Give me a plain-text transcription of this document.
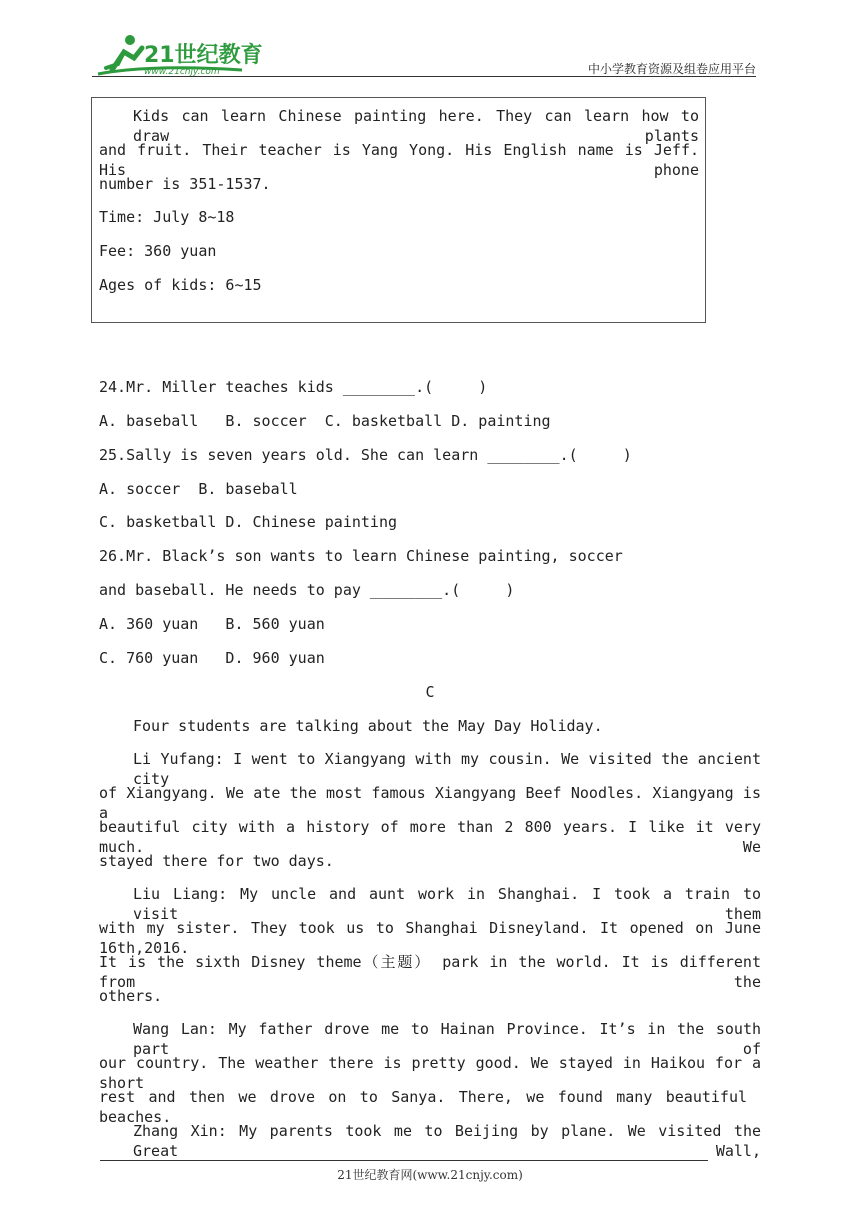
21世纪教育
www.21cnjy.com	中小学教育资源及组卷应用平台
Kids can learn Chinese painting here. They can learn how to draw plants
and fruit. Their teacher is Yang Yong. His English name is Jeff. His phone
number is 351-1537.
Time: July 8~18
Fee: 360 yuan
Ages of kids: 6~15
24.Mr. Miller teaches kids ________.(     )
A. baseball   B. soccer  C. basketball D. painting
25.Sally is seven years old. She can learn ________.(     )
A. soccer  B. baseball
C. basketball D. Chinese painting
26.Mr. Black’s son wants to learn Chinese painting, soccer
and baseball. He needs to pay ________.(     )
A. 360 yuan   B. 560 yuan
C. 760 yuan   D. 960 yuan
C
Four students are talking about the May Day Holiday.
Li Yufang: I went to Xiangyang with my cousin. We visited the ancient city
of Xiangyang. We ate the most famous Xiangyang Beef Noodles. Xiangyang is a
beautiful city with a history of more than 2 800 years. I like it very much. We
stayed there for two days.
Liu Liang: My uncle and aunt work in Shanghai. I took a train to visit them
with my sister. They took us to Shanghai Disneyland. It opened on June 16th,2016.
It is the sixth Disney theme（主题） park in the world. It is different from the
others.
Wang Lan: My father drove me to Hainan Province. It’s in the south part of
our country. The weather there is pretty good. We stayed in Haikou for a short
rest and then we drove on to Sanya. There, we found many beautiful beaches.
Zhang Xin: My parents took me to Beijing by plane. We visited the Great Wall,
21世纪教育网(www.21cnjy.com)
